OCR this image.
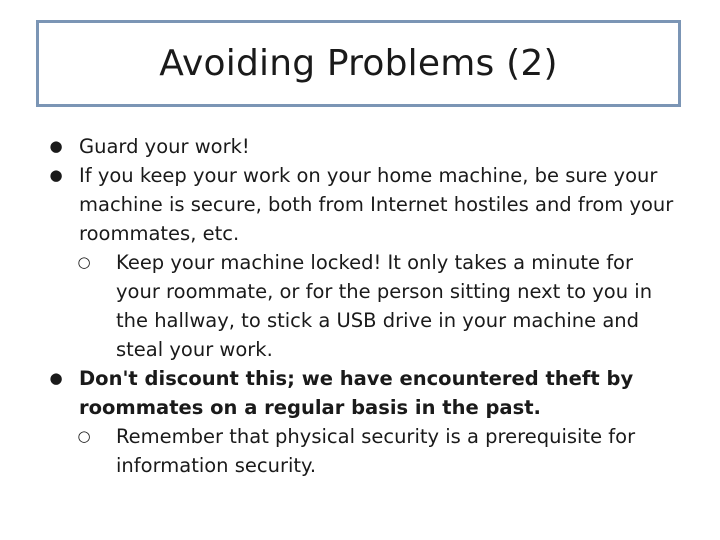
Avoiding Problems (2)
● Guard your work!
● If you keep your work on your home machine, be sure your machine is secure, both from Internet hostiles and from your roommates, etc.
○ Keep your machine locked! It only takes a minute for your roommate, or for the person sitting next to you in the hallway, to stick a USB drive in your machine and steal your work.
● Don't discount this; we have encountered theft by roommates on a regular basis in the past.
○ Remember that physical security is a prerequisite for information security.
